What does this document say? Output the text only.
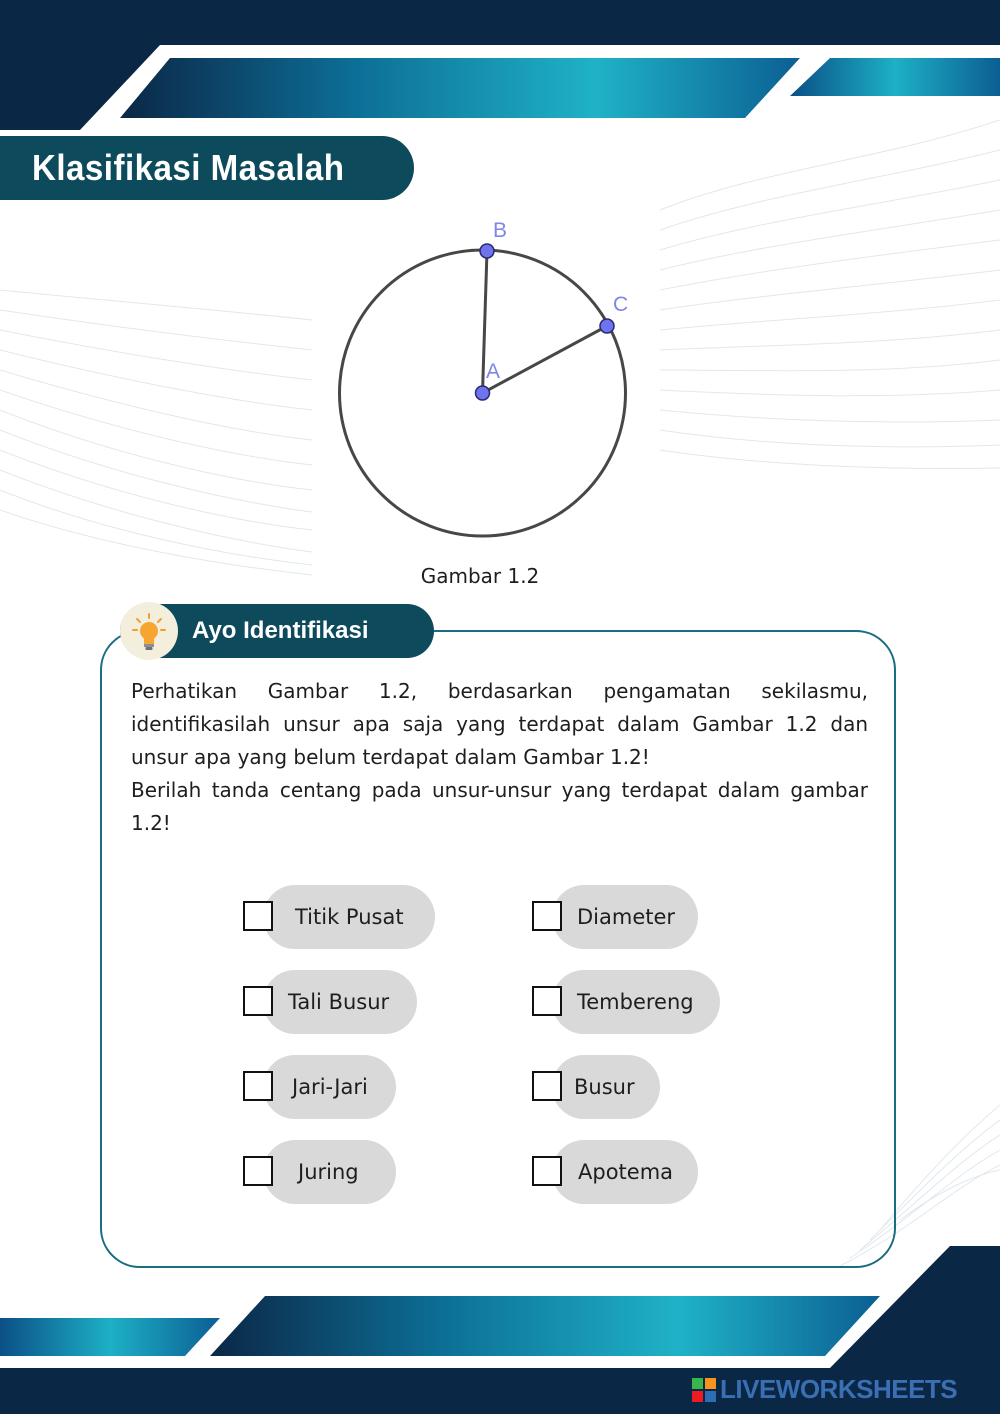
Klasifikasi Masalah
A
B
C
Gambar 1.2
Ayo Identifikasi

Perhatikan Gambar 1.2, berdasarkan pengamatan sekilasmu, identifikasilah unsur apa saja yang terdapat dalam Gambar 1.2 dan unsur apa yang belum terdapat dalam Gambar 1.2!

Berilah tanda centang pada unsur-unsur yang terdapat dalam gambar 1.2!

Titik Pusat	Diameter
Tali Busur	Tembereng
Jari-Jari	Busur
Juring	Apotema
LIVEWORKSHEETS
